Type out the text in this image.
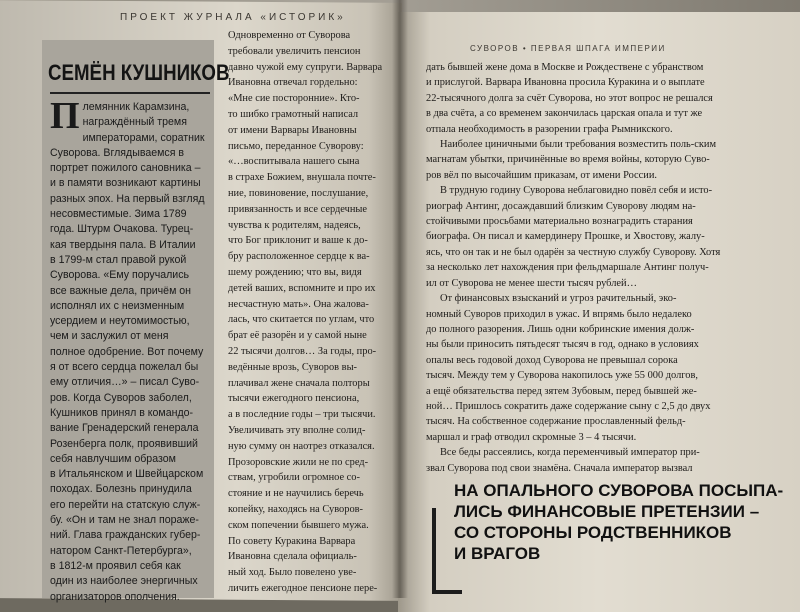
ПРОЕКТ ЖУРНАЛА «ИСТОРИК»
СУВОРОВ • ПЕРВАЯ ШПАГА ИМПЕРИИ
СЕМЁН КУШНИКОВ
П лемянник Карамзина,
награждённый тремя
императорами, соратник
Суворова. Вглядываемся в
портрет пожилого сановника –
и в памяти возникают картины
разных эпох. На первый взгляд
несовместимые. Зима 1789
года. Штурм Очакова. Турец-
кая твердыня пала. В Италии
в 1799-м стал правой рукой
Суворова. «Ему поручались
все важные дела, причём он
исполнял их с неизменным
усердием и неутомимостью,
чем и заслужил от меня
полное одобрение. Вот почему
я от всего сердца пожелал бы
ему отличия…» – писал Суво-
ров. Когда Суворов заболел,
Кушников принял в командо-
вание Гренадерский генерала
Розенберга полк, проявивший
себя навлучшим образом
в Итальянском и Швейцарском
походах. Болезнь принудила
его перейти на статскую служ-
бу. «Он и там не знал пораже-
ний. Глава гражданских губер-
натором Санкт-Петербурга»,
в 1812-м проявил себя как
один из наиболее энергичных
организаторов ополчения.
Одновременно от Суворова
требовали увеличить пенсион
давно чужой ему супруги. Варвара
Ивановна отвечал гордельно:
«Мне сие посторонние». Кто-
то шибко грамотный написал
от имени Варвары Ивановны
письмо, переданное Суворову:
«…воспитывала нашего сына
в страхе Божием, внушала почте-
ние, повиновение, послушание,
привязанность и все сердечные
чувства к родителям, надеясь,
что Бог приклонит и ваше к до-
бру расположенное сердце к ва-
шему рождению; что вы, видя
детей ваших, вспомните и про их
несчастную мать». Она жалова-
лась, что скитается по углам, что
брат её разорён и у самой ныне
22 тысячи долгов… За годы, про-
ведённые врозь, Суворов вы-
плачивал жене сначала полторы
тысячи ежегодного пенсиона,
а в последние годы – три тысячи.
Увеличивать эту вполне солид-
ную сумму он наотрез отказался.
Прозоровские жили не по сред-
ствам, угробили огромное со-
стояние и не научились беречь
копейку, находясь на Суворов-
ском попечении бывшего мужа.
По совету Куракина Варвара
Ивановна сделала официаль-
ный ход. Было повелено уве-
личить ежегодное пенсионе пере-
дать бывшей жене дома в Москве и Рождествене с убранством
и прислугой. Варвара Ивановна просила Куракина и о выплате
22-тысячного долга за счёт Суворова, но этот вопрос не решался
в два счёта, а со временем закончилась царская опала и тут же
отпала необходимость в разорении графа Рымникского.
Наиболее циничными были требования возместить поль-ским
магнатам убытки, причинённые во время войны, которую Суво-
ров вёл по высочайшим приказам, от имени России.
В трудную годину Суворова неблаговидно повёл себя и исто-
риограф Антинг, досаждавший близким Суворову людям на-
стойчивыми просьбами материально вознаградить старания
биографа. Он писал и камердинеру Прошке, и Хвостову, жалу-
ясь, что он так и не был одарён за честную службу Суворову. Хотя
за несколько лет нахождения при фельдмаршале Антинг получ-
ил от Суворова не менее шести тысяч рублей…
От финансовых взысканий и угроз рачительный, эко-
номный Суворов приходил в ужас. И впрямь было недалеко
до полного разорения. Лишь одни кобринские имения долж-
ны были приносить пятьдесят тысяч в год, однако в условиях
опалы весь годовой доход Суворова не превышал сорока
тысяч. Между тем у Суворова накопилось уже 55 000 долгов,
а ещё обязательства перед зятем Зубовым, перед бывшей же-
ной… Пришлось сократить даже содержание сыну с 2,5 до двух
тысяч. На собственное содержание прославленный фельд-
маршал и граф отводил скромные 3 – 4 тысячи.
Все беды рассеялись, когда переменчивый император при-
звал Суворова под свои знамёна. Сначала император вызвал
НА ОПАЛЬНОГО СУВОРОВА ПОСЫПА-
ЛИСЬ ФИНАНСОВЫЕ ПРЕТЕНЗИИ –
СО СТОРОНЫ РОДСТВЕННИКОВ
И ВРАГОВ
